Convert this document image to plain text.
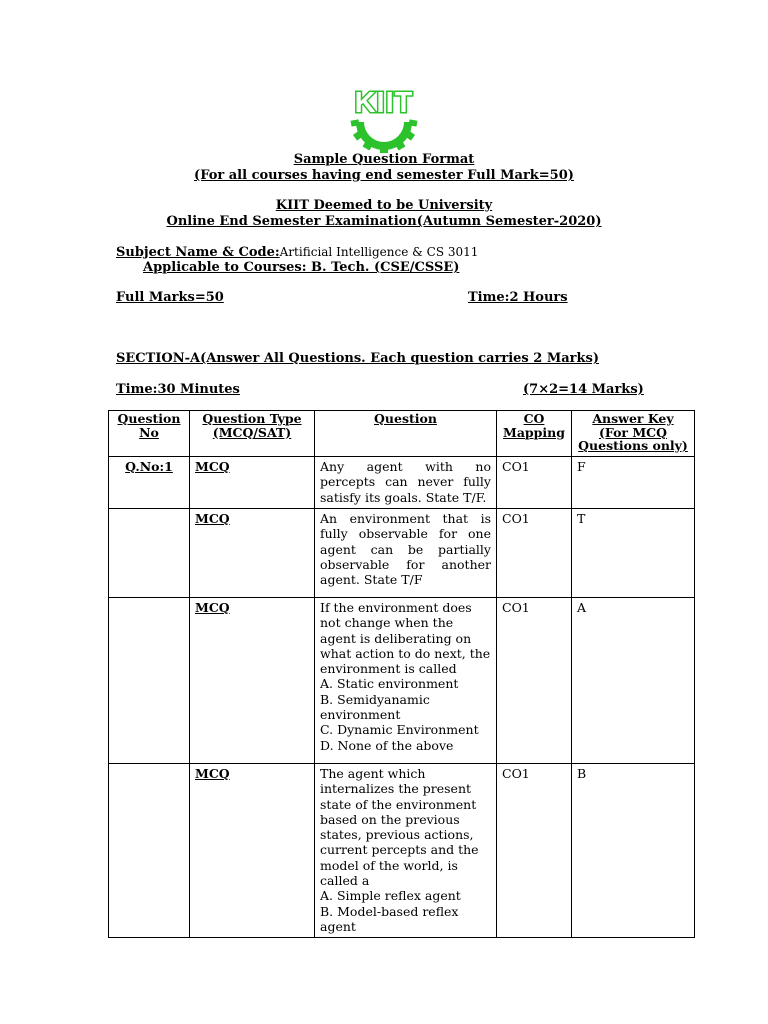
KIIT
Sample Question Format
(For all courses having end semester Full Mark=50)
KIIT Deemed to be University
Online End Semester Examination(Autumn Semester-2020)
Subject Name & Code:Artificial Intelligence & CS 3011
Applicable to Courses: B. Tech. (CSE/CSSE)
Full Marks=50	Time:2 Hours
SECTION-A(Answer All Questions. Each question carries 2 Marks)
Time:30 Minutes	(7×2=14 Marks)
Question No	Question Type (MCQ/SAT)	Question	CO Mapping	Answer Key (For MCQ Questions only)
Q.No:1	MCQ	Any agent with no percepts can never fully satisfy its goals. State T/F.	CO1	F
	MCQ	An environment that is fully observable for one agent can be partially observable for another agent. State T/F	CO1	T
	MCQ	If the environment does not change when the agent is deliberating on what action to do next, the environment is called
A. Static environment
B. Semidyanamic environment
C. Dynamic Environment
D. None of the above	CO1	A
	MCQ	The agent which internalizes the present state of the environment based on the previous states, previous actions, current percepts and the model of the world, is called a
A. Simple reflex agent
B. Model-based reflex agent	CO1	B
